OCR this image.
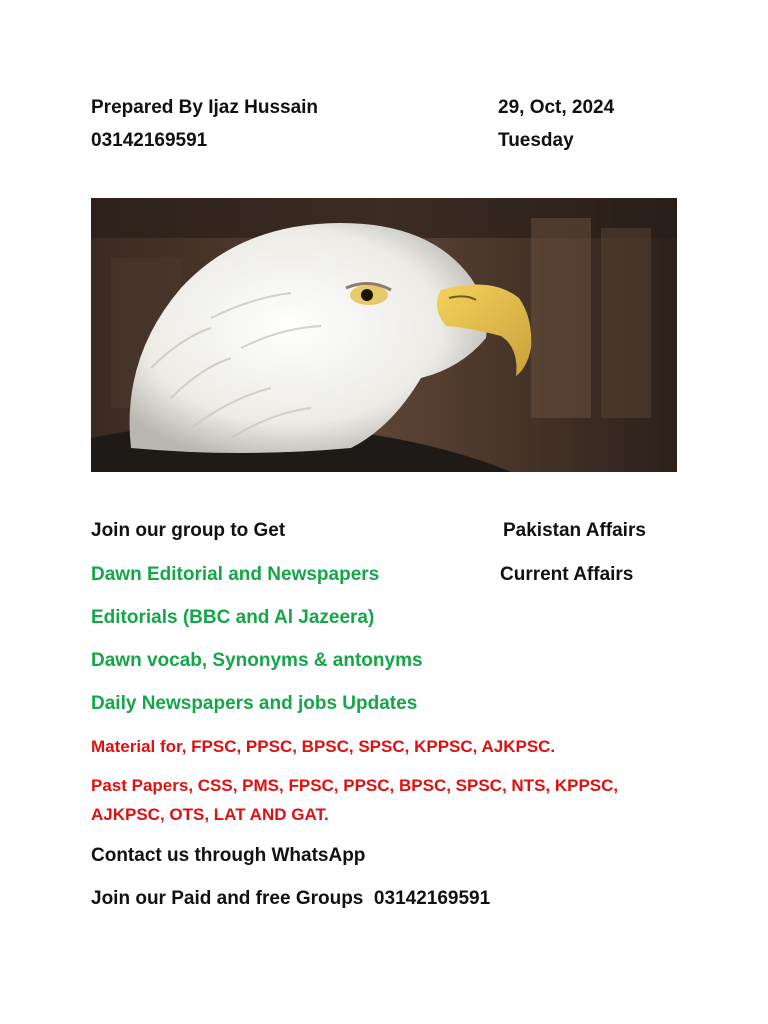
Prepared By Ijaz Hussain
03142169591
29, Oct, 2024
Tuesday
Join our group to Get	Pakistan Affairs
Dawn Editorial and Newspapers	Current Affairs
Editorials (BBC and Al Jazeera)
Dawn vocab, Synonyms & antonyms
Daily Newspapers and jobs Updates
Material for, FPSC, PPSC, BPSC, SPSC, KPPSC, AJKPSC.
Past Papers, CSS, PMS, FPSC, PPSC, BPSC, SPSC, NTS, KPPSC,
AJKPSC, OTS, LAT AND GAT.
Contact us through WhatsApp
Join our Paid and free Groups  03142169591
